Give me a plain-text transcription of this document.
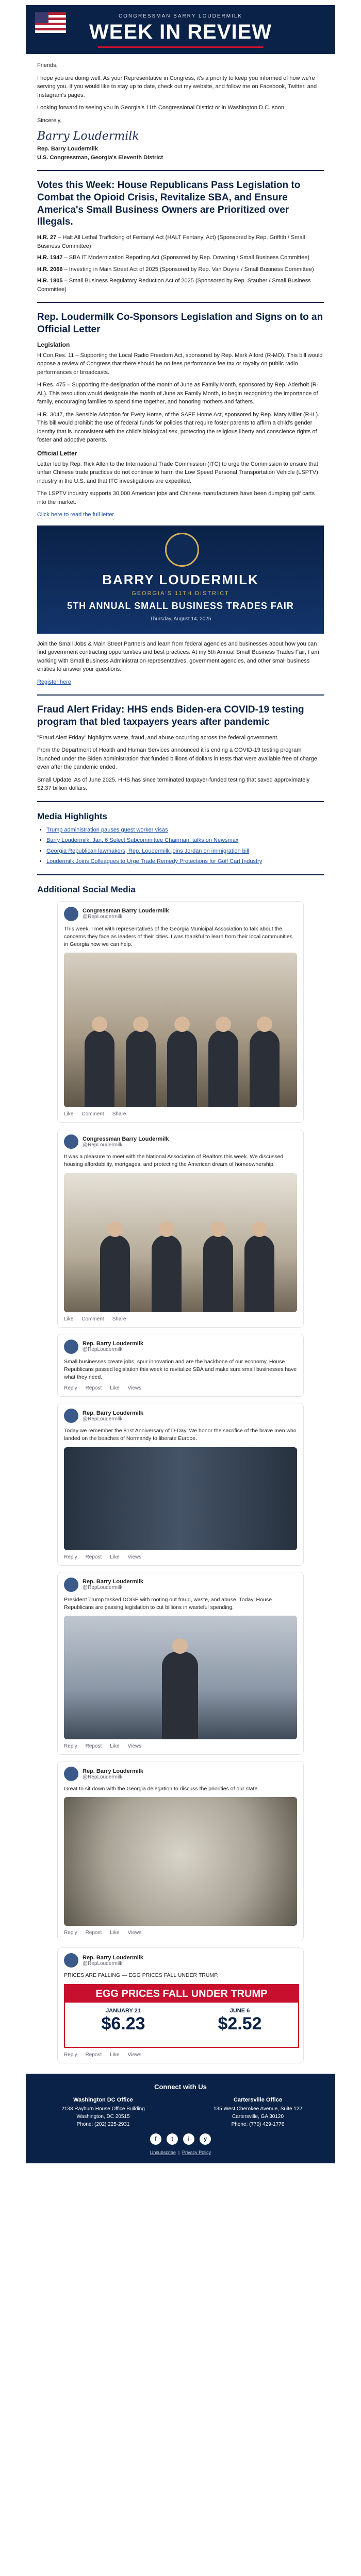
CONGRESSMAN BARRY LOUDERMILK
WEEK IN REVIEW

Friends,

I hope you are doing well. As your Representative in Congress, it's a priority to keep you informed of how we're serving you. If you would like to stay up to date, check out my website, and follow me on Facebook, Twitter, and Instagram's pages.

Looking forward to seeing you in Georgia's 11th Congressional District or in Washington D.C. soon.

Sincerely,

Barry Loudermilk

Rep. Barry Loudermilk

U.S. Congressman, Georgia's Eleventh District

Votes this Week: House Republicans Pass Legislation to Combat the Opioid Crisis, Revitalize SBA, and Ensure America's Small Business Owners are Prioritized over Illegals.

H.R. 27 – Halt All Lethal Trafficking of Fentanyl Act (HALT Fentanyl Act) (Sponsored by Rep. Griffith / Small Business Committee)

H.R. 1947 – SBA IT Modernization Reporting Act (Sponsored by Rep. Downing / Small Business Committee)

H.R. 2066 – Investing in Main Street Act of 2025 (Sponsored by Rep. Van Duyne / Small Business Committee)

H.R. 1805 – Small Business Regulatory Reduction Act of 2025 (Sponsored by Rep. Stauber / Small Business Committee)

Rep. Loudermilk Co-Sponsors Legislation and Signs on to an Official Letter
Legislation

H.Con.Res. 11 – Supporting the Local Radio Freedom Act, sponsored by Rep. Mark Alford (R-MO). This bill would oppose a review of Congress that there should be no fees performance fee tax or royalty on public radio performances or broadcasts.

H.Res. 475 – Supporting the designation of the month of June as Family Month, sponsored by Rep. Aderholt (R-AL). This resolution would designate the month of June as Family Month, to begin recognizing the importance of family, encouraging families to spend time together, and honoring mothers and fathers.

H.R. 3047, the Sensible Adoption for Every Home, of the SAFE Home Act, sponsored by Rep. Mary Miller (R-IL). This bill would prohibit the use of federal funds for policies that require foster parents to affirm a child's gender identity that is inconsistent with the child's biological sex, protecting the religious liberty and conscience rights of foster and adoptive parents.

Official Letter

Letter led by Rep. Rick Allen to the International Trade Commission (ITC) to urge the Commission to ensure that unfair Chinese trade practices do not continue to harm the Low Speed Personal Transportation Vehicle (LSPTV) industry in the U.S. and that ITC investigations are expedited.

The LSPTV industry supports 30,000 American jobs and Chinese manufacturers have been dumping golf carts into the market.

Click here to read the full letter.

BARRY LOUDERMILK
GEORGIA'S 11TH DISTRICT
5TH ANNUAL SMALL BUSINESS TRADES FAIR
Thursday, August 14, 2025

Join the Small Jobs & Main Street Partners and learn from federal agencies and businesses about how you can find government contracting opportunities and best practices. At my 5th Annual Small Business Trades Fair, I am working with Small Business Administration representatives, government agencies, and other small business entities to answer your questions.

Register here

Fraud Alert Friday: HHS ends Biden-era COVID-19 testing program that bled taxpayers years after pandemic

"Fraud Alert Friday" highlights waste, fraud, and abuse occurring across the federal government.

From the Department of Health and Human Services announced it is ending a COVID-19 testing program launched under the Biden administration that funded billions of dollars in tests that were available free of charge even after the pandemic ended.

Small Update: As of June 2025, HHS has since terminated taxpayer-funded testing that saved approximately $2.37 billion dollars.

Media Highlights
• Trump administration pauses guest worker visas
• Barry Loudermilk, Jan. 6 Select Subcommittee Chairman, talks on Newsmax
• Georgia Republican lawmakers, Rep. Loudermilk joins Jordan on immigration bill
• Loudermilk Joins Colleagues to Urge Trade Remedy Protections for Golf Cart Industry
Additional Social Media
Congressman Barry Loudermilk
@RepLoudermilk
This week, I met with representatives of the Georgia Municipal Association to talk about the concerns they face as leaders of their cities. I was thankful to learn from their local communities in Georgia how we can help.
Like Comment Share
Congressman Barry Loudermilk
@RepLoudermilk
It was a pleasure to meet with the National Association of Realtors this week. We discussed housing affordability, mortgages, and protecting the American dream of homeownership.
Like Comment Share
Rep. Barry Loudermilk
@RepLoudermilk
Small businesses create jobs, spur innovation and are the backbone of our economy. House Republicans passed legislation this week to revitalize SBA and make sure small businesses have what they need.
Reply Repost Like Views
Rep. Barry Loudermilk
@RepLoudermilk
Today we remember the 81st Anniversary of D-Day. We honor the sacrifice of the brave men who landed on the beaches of Normandy to liberate Europe.
Reply Repost Like Views
Rep. Barry Loudermilk
@RepLoudermilk
President Trump tasked DOGE with rooting out fraud, waste, and abuse. Today, House Republicans are passing legislation to cut billions in wasteful spending.
Reply Repost Like Views
Rep. Barry Loudermilk
@RepLoudermilk
Great to sit down with the Georgia delegation to discuss the priorities of our state.
Reply Repost Like Views
Rep. Barry Loudermilk
@RepLoudermilk
PRICES ARE FALLING — EGG PRICES FALL UNDER TRUMP.
EGG PRICES FALL UNDER TRUMP
JANUARY 21
$6.23
JUNE 6
$2.52
Reply Repost Like Views
Connect with Us
Washington DC Office
2133 Rayburn House Office Building
Washington, DC 20515
Phone: (202) 225-2931
Cartersville Office
135 West Cherokee Avenue, Suite 122
Cartersville, GA 30120
Phone: (770) 429-1776
f	t	i	y
Unsubscribe  |  Privacy Policy
